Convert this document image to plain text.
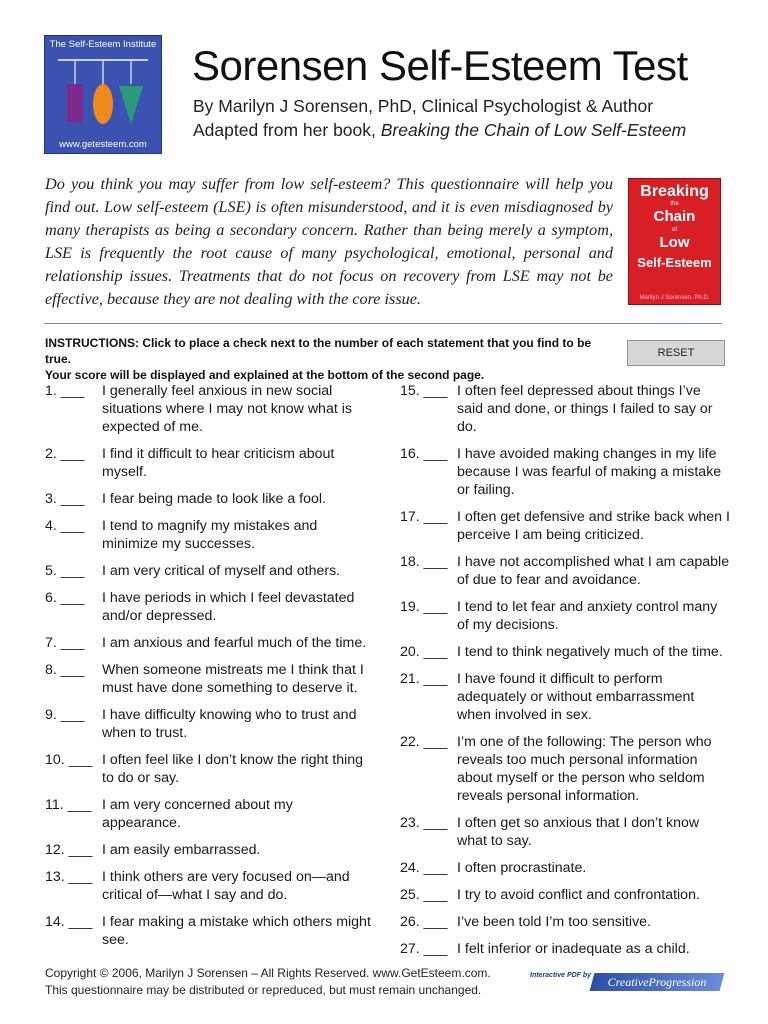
The Self-Esteem Institute
www.getesteem.com
Sorensen Self-Esteem Test
By Marilyn J Sorensen, PhD, Clinical Psychologist & Author
Adapted from her book, Breaking the Chain of Low Self-Esteem

Do you think you may suffer from low self-esteem? This questionnaire will help you find out. Low self-esteem (LSE) is often misunderstood, and it is even misdiagnosed by many therapists as being a secondary concern. Rather than being merely a symptom, LSE is frequently the root cause of many psychological, emotional, personal and relationship issues. Treatments that do not focus on recovery from LSE may not be effective, because they are not dealing with the core issue.

Breaking
the
Chain
of
Low
Self-Esteem
Marilyn J Sorensen, Ph.D.
INSTRUCTIONS: Click to place a check next to the number of each statement that you find to be true.
Your score will be displayed and explained at the bottom of the second page.
RESET
1. ___ I generally feel anxious in new social situations where I may not know what is expected of me.
2. ___ I find it difficult to hear criticism about myself.
3. ___ I fear being made to look like a fool.
4. ___ I tend to magnify my mistakes and minimize my successes.
5. ___ I am very critical of myself and others.
6. ___ I have periods in which I feel devastated and/or depressed.
7. ___ I am anxious and fearful much of the time.
8. ___ When someone mistreats me I think that I must have done something to deserve it.
9. ___ I have difficulty knowing who to trust and when to trust.
10. ___ I often feel like I don’t know the right thing to do or say.
11. ___ I am very concerned about my appearance.
12. ___ I am easily embarrassed.
13. ___ I think others are very focused on—and critical of—what I say and do.
14. ___ I fear making a mistake which others might see.
15. ___ I often feel depressed about things I’ve said and done, or things I failed to say or do.
16. ___ I have avoided making changes in my life because I was fearful of making a mistake or failing.
17. ___ I often get defensive and strike back when I perceive I am being criticized.
18. ___ I have not accomplished what I am capable of due to fear and avoidance.
19. ___ I tend to let fear and anxiety control many of my decisions.
20. ___ I tend to think negatively much of the time.
21. ___ I have found it difficult to perform adequately or without embarrassment when involved in sex.
22. ___ I’m one of the following: The person who reveals too much personal information about myself or the person who seldom reveals personal information.
23. ___ I often get so anxious that I don’t know what to say.
24. ___ I often procrastinate.
25. ___ I try to avoid conflict and confrontation.
26. ___ I’ve been told I’m too sensitive.
27. ___ I felt inferior or inadequate as a child.
Copyright © 2006, Marilyn J Sorensen – All Rights Reserved. www.GetEsteem.com.
This questionnaire may be distributed or repreduced, but must remain unchanged.
Interactive PDF by	CreativeProgression
